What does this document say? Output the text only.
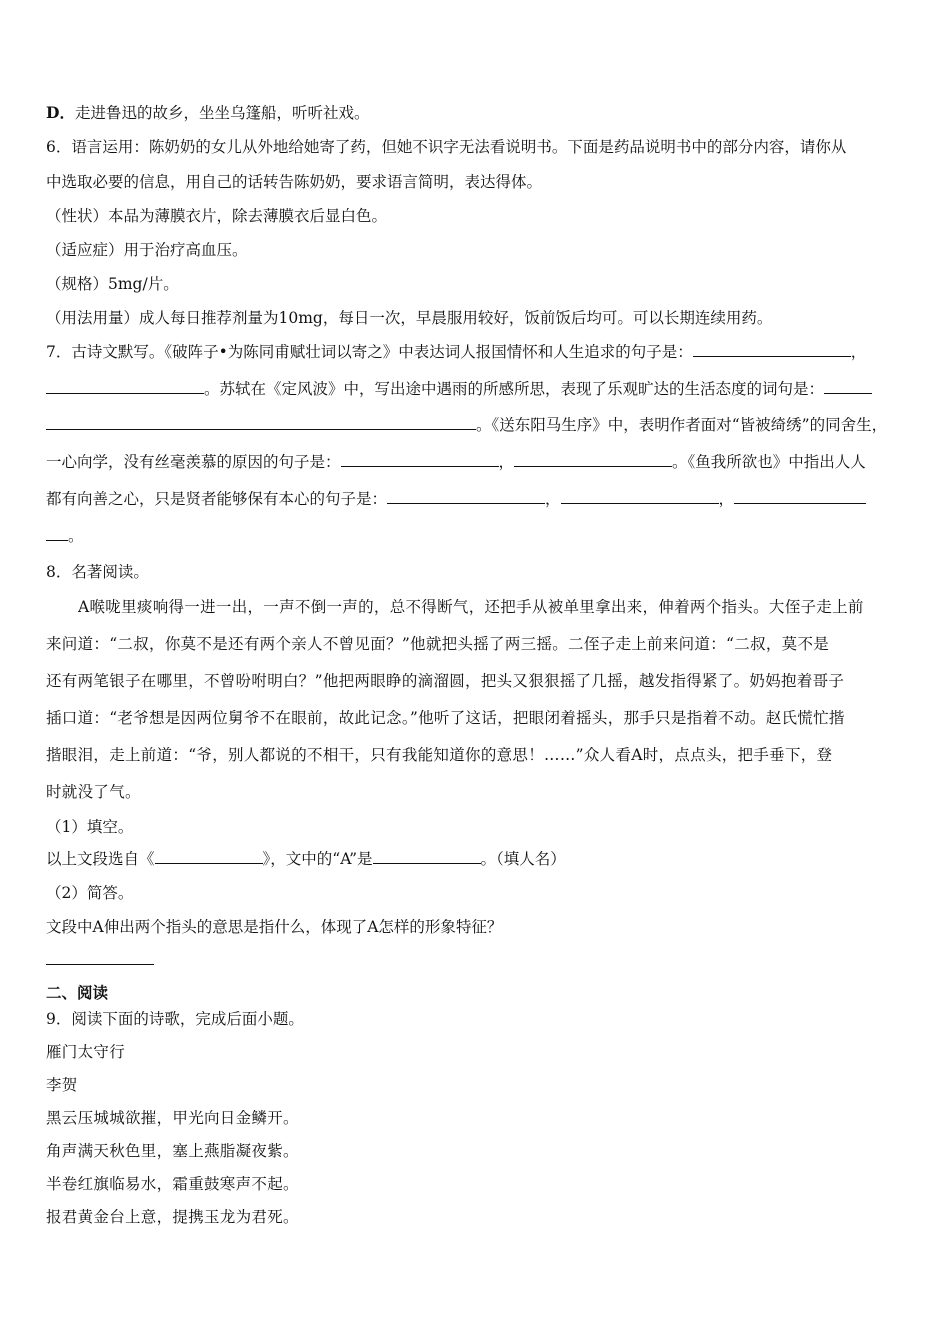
D．走进鲁迅的故乡，坐坐乌篷船，听听社戏。
6．语言运用：陈奶奶的女儿从外地给她寄了药，但她不识字无法看说明书。下面是药品说明书中的部分内容，请你从
中选取必要的信息，用自己的话转告陈奶奶，要求语言简明，表达得体。
（性状）本品为薄膜衣片，除去薄膜衣后显白色。
（适应症）用于治疗高血压。
（规格）5mg/片。
（用法用量）成人每日推荐剂量为10mg，每日一次，早晨服用较好，饭前饭后均可。可以长期连续用药。
7．古诗文默写。《破阵子•为陈同甫赋壮词以寄之》中表达词人报国情怀和人生追求的句子是：	，
。苏轼在《定风波》中，写出途中遇雨的所感所思，表现了乐观旷达的生活态度的词句是：
。《送东阳马生序》中，表明作者面对“皆被绮绣”的同舍生，
一心向学，没有丝毫羡慕的原因的句子是：	，	。《鱼我所欲也》中指出人人
都有向善之心，只是贤者能够保有本心的句子是：	，	，
。
8．名著阅读。
A喉咙里痰响得一进一出，一声不倒一声的，总不得断气，还把手从被单里拿出来，伸着两个指头。大侄子走上前
来问道：“二叔，你莫不是还有两个亲人不曾见面？”他就把头摇了两三摇。二侄子走上前来问道：“二叔，莫不是
还有两笔银子在哪里，不曾吩咐明白？”他把两眼睁的滴溜圆，把头又狠狠摇了几摇，越发指得紧了。奶妈抱着哥子
插口道：“老爷想是因两位舅爷不在眼前，故此记念。”他听了这话，把眼闭着摇头，那手只是指着不动。赵氏慌忙揩
揩眼泪，走上前道：“爷，别人都说的不相干，只有我能知道你的意思！……”众人看A时，点点头，把手垂下，登
时就没了气。
（1）填空。
以上文段选自《	》，文中的“A”是	。（填人名）
（2）简答。
文段中A伸出两个指头的意思是指什么，体现了A怎样的形象特征？
二、阅读
9．阅读下面的诗歌，完成后面小题。
雁门太守行
李贺
黑云压城城欲摧，甲光向日金鳞开。
角声满天秋色里，塞上燕脂凝夜紫。
半卷红旗临易水，霜重鼓寒声不起。
报君黄金台上意，提携玉龙为君死。
